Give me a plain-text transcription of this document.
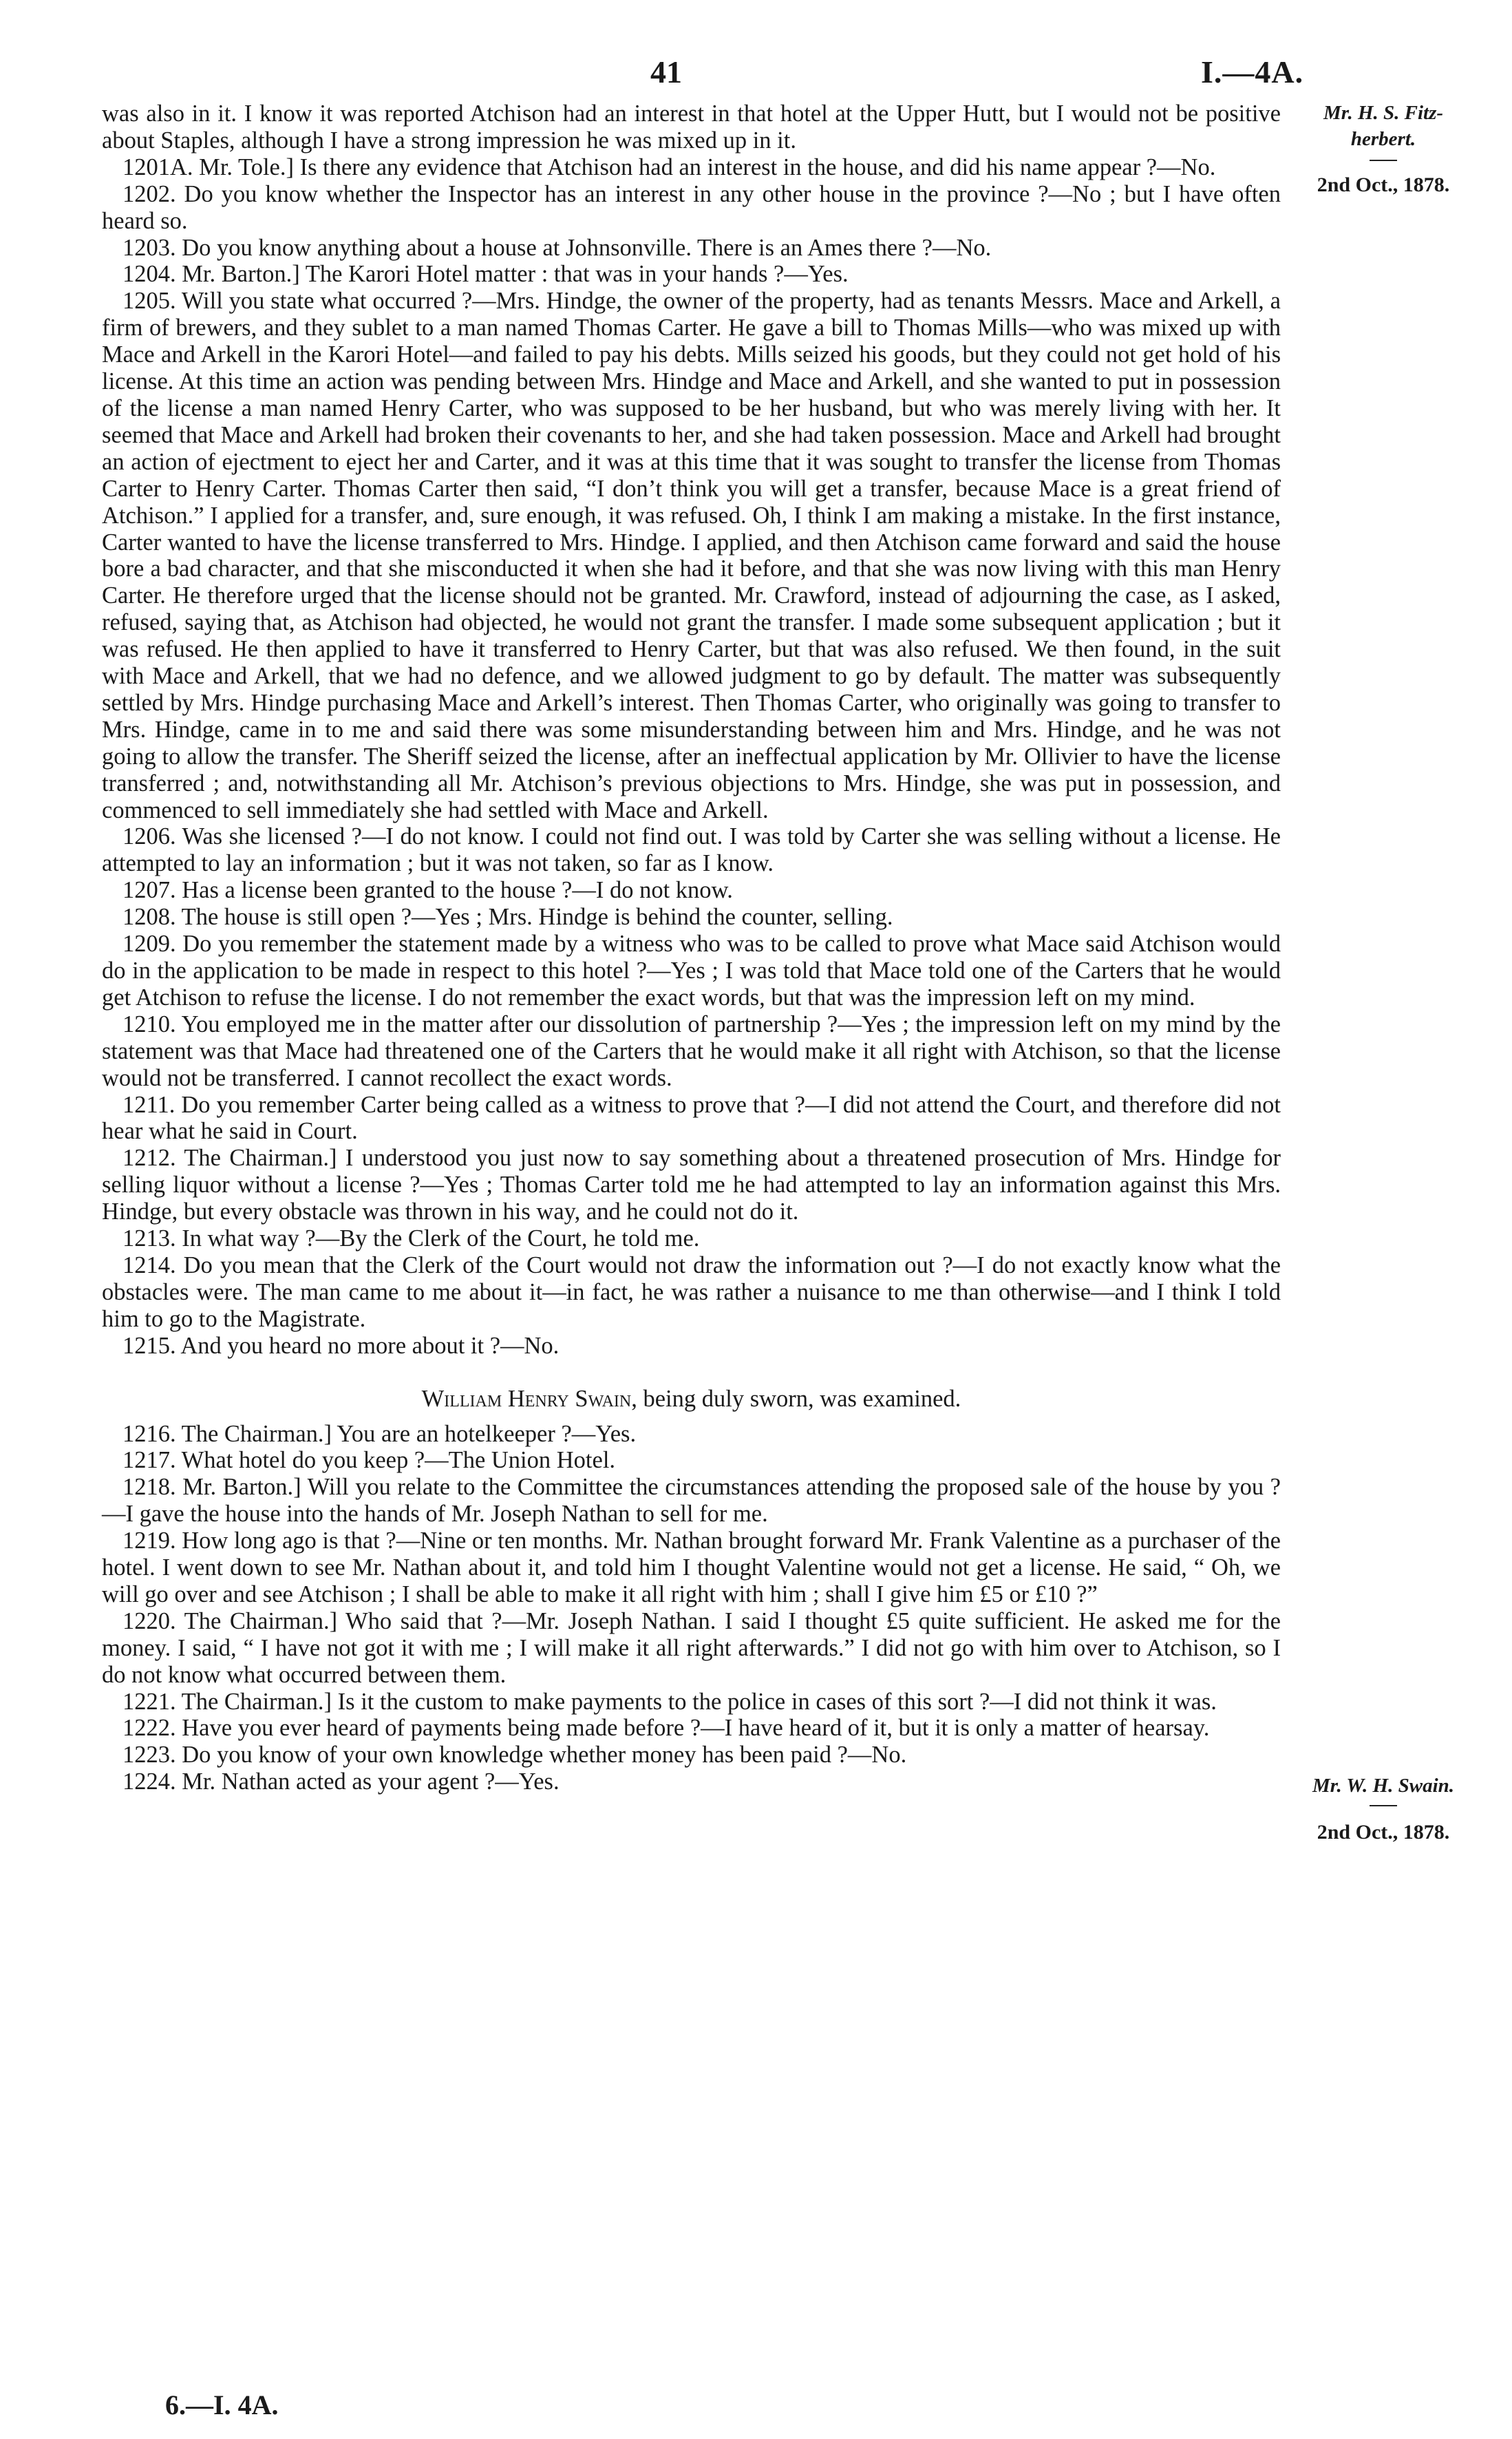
41	I.—4A.
Mr. H. S. Fitz-
herbert.
2nd Oct., 1878.
Mr. W. H. Swain.
2nd Oct., 1878.

was also in it. I know it was reported Atchison had an interest in that hotel at the Upper Hutt, but I would not be positive about Staples, although I have a strong impression he was mixed up in it.

1201A. Mr. Tole.] Is there any evidence that Atchison had an interest in the house, and did his name appear ?—No.

1202. Do you know whether the Inspector has an interest in any other house in the province ?—No ; but I have often heard so.

1203. Do you know anything about a house at Johnsonville. There is an Ames there ?—No.

1204. Mr. Barton.] The Karori Hotel matter : that was in your hands ?—Yes.

1205. Will you state what occurred ?—Mrs. Hindge, the owner of the property, had as tenants Messrs. Mace and Arkell, a firm of brewers, and they sublet to a man named Thomas Carter. He gave a bill to Thomas Mills—who was mixed up with Mace and Arkell in the Karori Hotel—and failed to pay his debts. Mills seized his goods, but they could not get hold of his license. At this time an action was pending between Mrs. Hindge and Mace and Arkell, and she wanted to put in possession of the license a man named Henry Carter, who was supposed to be her husband, but who was merely living with her. It seemed that Mace and Arkell had broken their covenants to her, and she had taken possession. Mace and Arkell had brought an action of ejectment to eject her and Carter, and it was at this time that it was sought to transfer the license from Thomas Carter to Henry Carter. Thomas Carter then said, “I don’t think you will get a transfer, because Mace is a great friend of Atchison.” I applied for a transfer, and, sure enough, it was refused. Oh, I think I am making a mistake. In the first instance, Carter wanted to have the license transferred to Mrs. Hindge. I applied, and then Atchison came forward and said the house bore a bad character, and that she misconducted it when she had it before, and that she was now living with this man Henry Carter. He therefore urged that the license should not be granted. Mr. Crawford, instead of adjourning the case, as I asked, refused, saying that, as Atchison had objected, he would not grant the transfer. I made some subsequent application ; but it was refused. He then applied to have it transferred to Henry Carter, but that was also refused. We then found, in the suit with Mace and Arkell, that we had no defence, and we allowed judgment to go by default. The matter was subsequently settled by Mrs. Hindge purchasing Mace and Arkell’s interest. Then Thomas Carter, who originally was going to transfer to Mrs. Hindge, came in to me and said there was some misunderstanding between him and Mrs. Hindge, and he was not going to allow the transfer. The Sheriff seized the license, after an ineffectual application by Mr. Ollivier to have the license transferred ; and, notwithstanding all Mr. Atchison’s previous objections to Mrs. Hindge, she was put in possession, and commenced to sell immediately she had settled with Mace and Arkell.

1206. Was she licensed ?—I do not know. I could not find out. I was told by Carter she was selling without a license. He attempted to lay an information ; but it was not taken, so far as I know.

1207. Has a license been granted to the house ?—I do not know.

1208. The house is still open ?—Yes ; Mrs. Hindge is behind the counter, selling.

1209. Do you remember the statement made by a witness who was to be called to prove what Mace said Atchison would do in the application to be made in respect to this hotel ?—Yes ; I was told that Mace told one of the Carters that he would get Atchison to refuse the license. I do not remember the exact words, but that was the impression left on my mind.

1210. You employed me in the matter after our dissolution of partnership ?—Yes ; the impression left on my mind by the statement was that Mace had threatened one of the Carters that he would make it all right with Atchison, so that the license would not be transferred. I cannot recollect the exact words.

1211. Do you remember Carter being called as a witness to prove that ?—I did not attend the Court, and therefore did not hear what he said in Court.

1212. The Chairman.] I understood you just now to say something about a threatened prosecution of Mrs. Hindge for selling liquor without a license ?—Yes ; Thomas Carter told me he had attempted to lay an information against this Mrs. Hindge, but every obstacle was thrown in his way, and he could not do it.

1213. In what way ?—By the Clerk of the Court, he told me.

1214. Do you mean that the Clerk of the Court would not draw the information out ?—I do not exactly know what the obstacles were. The man came to me about it—in fact, he was rather a nuisance to me than otherwise—and I think I told him to go to the Magistrate.

1215. And you heard no more about it ?—No.

William Henry Swain, being duly sworn, was examined.

1216. The Chairman.] You are an hotelkeeper ?—Yes.

1217. What hotel do you keep ?—The Union Hotel.

1218. Mr. Barton.] Will you relate to the Committee the circumstances attending the proposed sale of the house by you ?—I gave the house into the hands of Mr. Joseph Nathan to sell for me.

1219. How long ago is that ?—Nine or ten months. Mr. Nathan brought forward Mr. Frank Valentine as a purchaser of the hotel. I went down to see Mr. Nathan about it, and told him I thought Valentine would not get a license. He said, “ Oh, we will go over and see Atchison ; I shall be able to make it all right with him ; shall I give him £5 or £10 ?”

1220. The Chairman.] Who said that ?—Mr. Joseph Nathan. I said I thought £5 quite sufficient. He asked me for the money. I said, “ I have not got it with me ; I will make it all right afterwards.” I did not go with him over to Atchison, so I do not know what occurred between them.

1221. The Chairman.] Is it the custom to make payments to the police in cases of this sort ?—I did not think it was.

1222. Have you ever heard of payments being made before ?—I have heard of it, but it is only a matter of hearsay.

1223. Do you know of your own knowledge whether money has been paid ?—No.

1224. Mr. Nathan acted as your agent ?—Yes.

6.—I. 4A.
